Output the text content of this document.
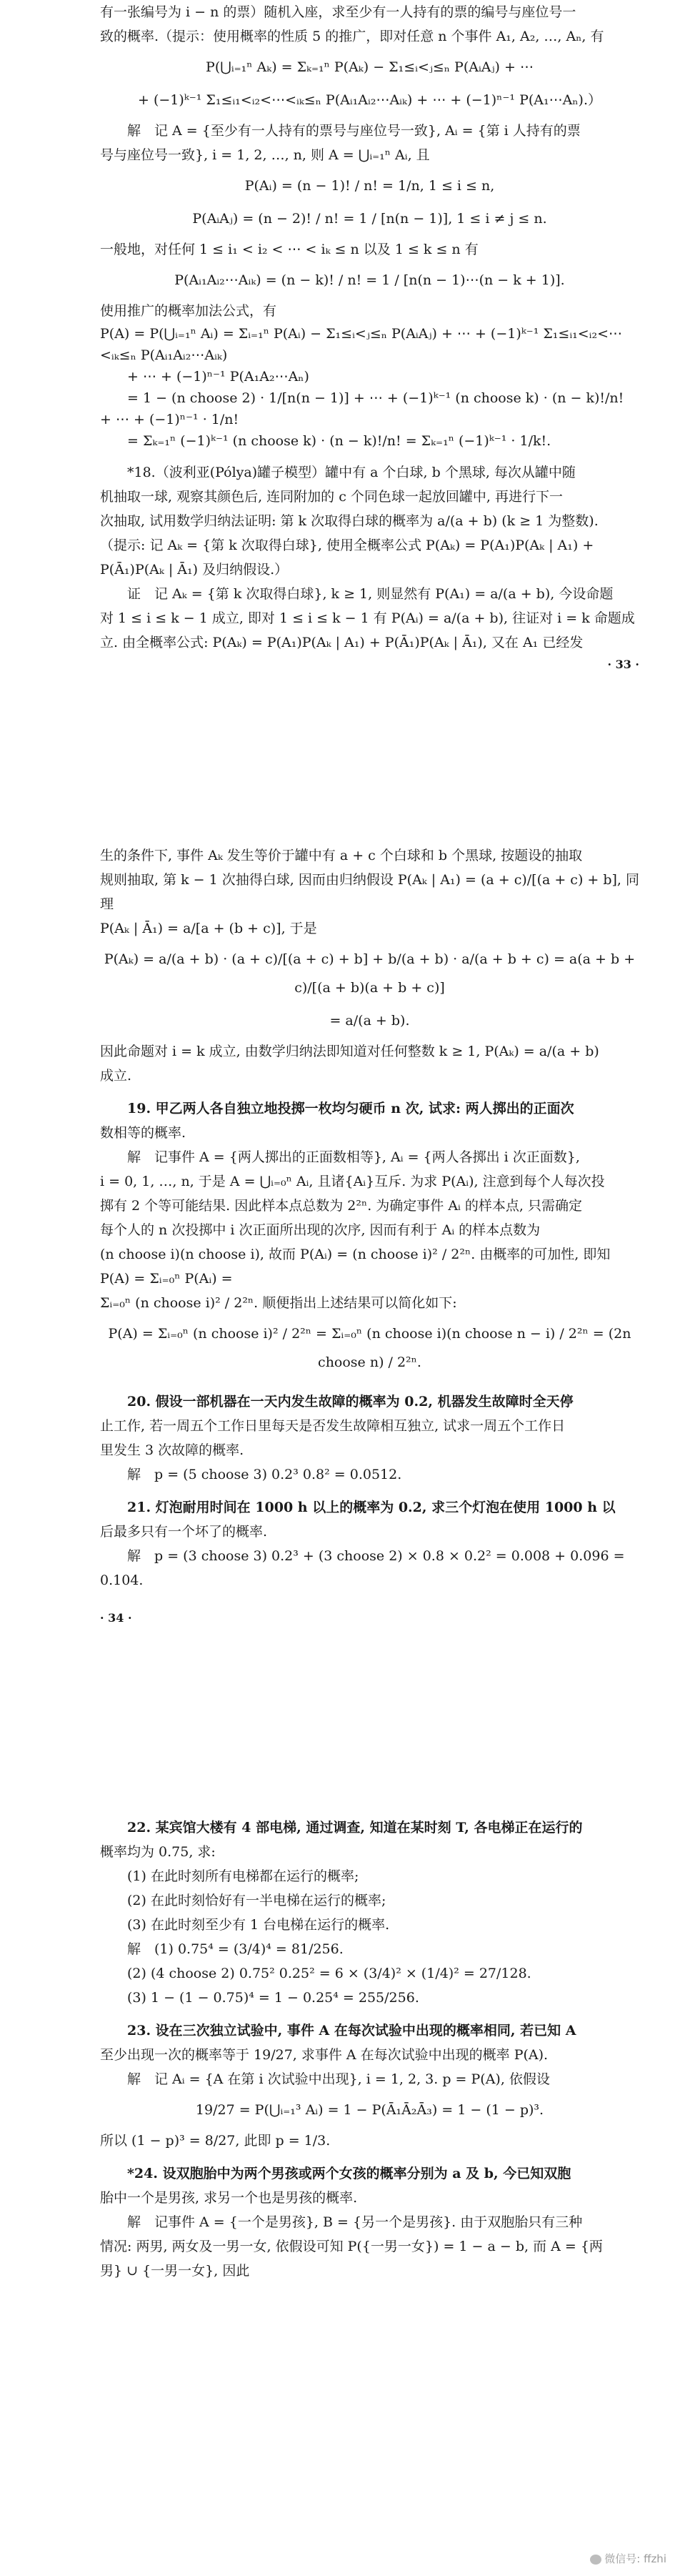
有一张编号为 i − n 的票）随机入座，求至少有一人持有的票的编号与座位号一

致的概率.（提示：使用概率的性质 5 的推广，即对任意 n 个事件 A₁, A₂, …, Aₙ, 有

P(⋃ᵢ₌₁ⁿ Aₖ) = Σₖ₌₁ⁿ P(Aₖ) − Σ₁≤ᵢ<ⱼ≤ₙ P(AᵢAⱼ) + ⋯

+ (−1)ᵏ⁻¹ Σ₁≤ᵢ₁<ᵢ₂<⋯<ᵢₖ≤ₙ P(Aᵢ₁Aᵢ₂⋯Aᵢₖ) + ⋯ + (−1)ⁿ⁻¹ P(A₁⋯Aₙ).）

解　记 A = {至少有一人持有的票号与座位号一致}, Aᵢ = {第 i 人持有的票

号与座位号一致}, i = 1, 2, …, n, 则 A = ⋃ᵢ₌₁ⁿ Aᵢ, 且

P(Aᵢ) = (n − 1)! / n! = 1/n, 1 ≤ i ≤ n,

P(AᵢAⱼ) = (n − 2)! / n! = 1 / [n(n − 1)], 1 ≤ i ≠ j ≤ n.

一般地，对任何 1 ≤ i₁ < i₂ < ⋯ < iₖ ≤ n 以及 1 ≤ k ≤ n 有

P(Aᵢ₁Aᵢ₂⋯Aᵢₖ) = (n − k)! / n! = 1 / [n(n − 1)⋯(n − k + 1)].

使用推广的概率加法公式，有

P(A) = P(⋃ᵢ₌₁ⁿ Aᵢ) = Σᵢ₌₁ⁿ P(Aᵢ) − Σ₁≤ᵢ<ⱼ≤ₙ P(AᵢAⱼ) + ⋯ + (−1)ᵏ⁻¹ Σ₁≤ᵢ₁<ᵢ₂<⋯<ᵢₖ≤ₙ P(Aᵢ₁Aᵢ₂⋯Aᵢₖ)

+ ⋯ + (−1)ⁿ⁻¹ P(A₁A₂⋯Aₙ)

= 1 − (n choose 2) · 1/[n(n − 1)] + ⋯ + (−1)ᵏ⁻¹ (n choose k) · (n − k)!/n! + ⋯ + (−1)ⁿ⁻¹ · 1/n!

= Σₖ₌₁ⁿ (−1)ᵏ⁻¹ (n choose k) · (n − k)!/n! = Σₖ₌₁ⁿ (−1)ᵏ⁻¹ · 1/k!.

*18.（波利亚(Pólya)罐子模型）罐中有 a 个白球, b 个黑球, 每次从罐中随

机抽取一球, 观察其颜色后, 连同附加的 c 个同色球一起放回罐中, 再进行下一

次抽取, 试用数学归纳法证明: 第 k 次取得白球的概率为 a/(a + b) (k ≥ 1 为整数).

（提示: 记 Aₖ = {第 k 次取得白球}, 使用全概率公式 P(Aₖ) = P(A₁)P(Aₖ | A₁) +

P(Ā₁)P(Aₖ | Ā₁) 及归纳假设.）

证　记 Aₖ = {第 k 次取得白球}, k ≥ 1, 则显然有 P(A₁) = a/(a + b), 今设命题

对 1 ≤ i ≤ k − 1 成立, 即对 1 ≤ i ≤ k − 1 有 P(Aᵢ) = a/(a + b), 往证对 i = k 命题成

立. 由全概率公式: P(Aₖ) = P(A₁)P(Aₖ | A₁) + P(Ā₁)P(Aₖ | Ā₁), 又在 A₁ 已经发

· 33 ·

生的条件下, 事件 Aₖ 发生等价于罐中有 a + c 个白球和 b 个黑球, 按题设的抽取

规则抽取, 第 k − 1 次抽得白球, 因而由归纳假设 P(Aₖ | A₁) = (a + c)/[(a + c) + b], 同理

P(Aₖ | Ā₁) = a/[a + (b + c)], 于是

P(Aₖ) = a/(a + b) · (a + c)/[(a + c) + b] + b/(a + b) · a/(a + b + c) = a(a + b + c)/[(a + b)(a + b + c)]

= a/(a + b).

因此命题对 i = k 成立, 由数学归纳法即知道对任何整数 k ≥ 1, P(Aₖ) = a/(a + b)

成立.

19. 甲乙两人各自独立地投掷一枚均匀硬币 n 次, 试求: 两人掷出的正面次

数相等的概率.

解　记事件 A = {两人掷出的正面数相等}, Aᵢ = {两人各掷出 i 次正面数},

i = 0, 1, …, n, 于是 A = ⋃ᵢ₌₀ⁿ Aᵢ, 且诸{Aᵢ}互斥. 为求 P(Aᵢ), 注意到每个人每次投

掷有 2 个等可能结果. 因此样本点总数为 2²ⁿ. 为确定事件 Aᵢ 的样本点, 只需确定

每个人的 n 次投掷中 i 次正面所出现的次序, 因而有利于 Aᵢ 的样本点数为

(n choose i)(n choose i), 故而 P(Aᵢ) = (n choose i)² / 2²ⁿ. 由概率的可加性, 即知 P(A) = Σᵢ₌₀ⁿ P(Aᵢ) =

Σᵢ₌₀ⁿ (n choose i)² / 2²ⁿ. 顺便指出上述结果可以简化如下:

P(A) = Σᵢ₌₀ⁿ (n choose i)² / 2²ⁿ = Σᵢ₌₀ⁿ (n choose i)(n choose n − i) / 2²ⁿ = (2n choose n) / 2²ⁿ.

20. 假设一部机器在一天内发生故障的概率为 0.2, 机器发生故障时全天停

止工作, 若一周五个工作日里每天是否发生故障相互独立, 试求一周五个工作日

里发生 3 次故障的概率.

解　p = (5 choose 3) 0.2³ 0.8² = 0.0512.

21. 灯泡耐用时间在 1000 h 以上的概率为 0.2, 求三个灯泡在使用 1000 h 以

后最多只有一个坏了的概率.

解　p = (3 choose 3) 0.2³ + (3 choose 2) × 0.8 × 0.2² = 0.008 + 0.096 = 0.104.

· 34 ·

22. 某宾馆大楼有 4 部电梯, 通过调查, 知道在某时刻 T, 各电梯正在运行的

概率均为 0.75, 求:

(1) 在此时刻所有电梯都在运行的概率;

(2) 在此时刻恰好有一半电梯在运行的概率;

(3) 在此时刻至少有 1 台电梯在运行的概率.

解　(1) 0.75⁴ = (3/4)⁴ = 81/256.

(2) (4 choose 2) 0.75² 0.25² = 6 × (3/4)² × (1/4)² = 27/128.

(3) 1 − (1 − 0.75)⁴ = 1 − 0.25⁴ = 255/256.

23. 设在三次独立试验中, 事件 A 在每次试验中出现的概率相同, 若已知 A

至少出现一次的概率等于 19/27, 求事件 A 在每次试验中出现的概率 P(A).

解　记 Aᵢ = {A 在第 i 次试验中出现}, i = 1, 2, 3. p = P(A), 依假设

19/27 = P(⋃ᵢ₌₁³ Aᵢ) = 1 − P(Ā₁Ā₂Ā₃) = 1 − (1 − p)³.

所以 (1 − p)³ = 8/27, 此即 p = 1/3.

*24. 设双胞胎中为两个男孩或两个女孩的概率分别为 a 及 b, 今已知双胞

胎中一个是男孩, 求另一个也是男孩的概率.

解　记事件 A = {一个是男孩}, B = {另一个是男孩}. 由于双胞胎只有三种

情况: 两男, 两女及一男一女, 依假设可知 P({一男一女}) = 1 − a − b, 而 A = {两

男} ∪ {一男一女}, 因此

微信号: ffzhi
